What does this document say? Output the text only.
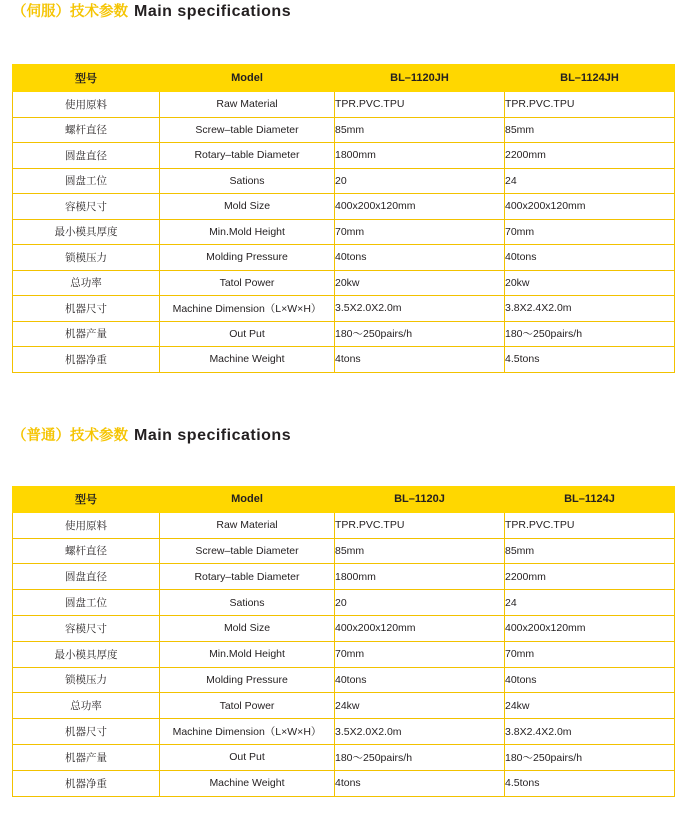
（伺服）技术参数 Main specifications
型号	Model	BL–1120JH	BL–1124JH
使用原料	Raw Material	TPR.PVC.TPU	TPR.PVC.TPU
螺杆直径	Screw–table Diameter	85mm	85mm
圆盘直径	Rotary–table Diameter	1800mm	2200mm
圆盘工位	Sations	20	24
容模尺寸	Mold Size	400x200x120mm	400x200x120mm
最小模具厚度	Min.Mold Height	70mm	70mm
锁模压力	Molding Pressure	40tons	40tons
总功率	Tatol Power	20kw	20kw
机器尺寸	Machine Dimension（L×W×H）	3.5X2.0X2.0m	3.8X2.4X2.0m
机器产量	Out Put	180～250pairs/h	180～250pairs/h
机器净重	Machine Weight	4tons	4.5tons
（普通）技术参数 Main specifications
型号	Model	BL–1120J	BL–1124J
使用原料	Raw Material	TPR.PVC.TPU	TPR.PVC.TPU
螺杆直径	Screw–table Diameter	85mm	85mm
圆盘直径	Rotary–table Diameter	1800mm	2200mm
圆盘工位	Sations	20	24
容模尺寸	Mold Size	400x200x120mm	400x200x120mm
最小模具厚度	Min.Mold Height	70mm	70mm
锁模压力	Molding Pressure	40tons	40tons
总功率	Tatol Power	24kw	24kw
机器尺寸	Machine Dimension（L×W×H）	3.5X2.0X2.0m	3.8X2.4X2.0m
机器产量	Out Put	180～250pairs/h	180～250pairs/h
机器净重	Machine Weight	4tons	4.5tons
